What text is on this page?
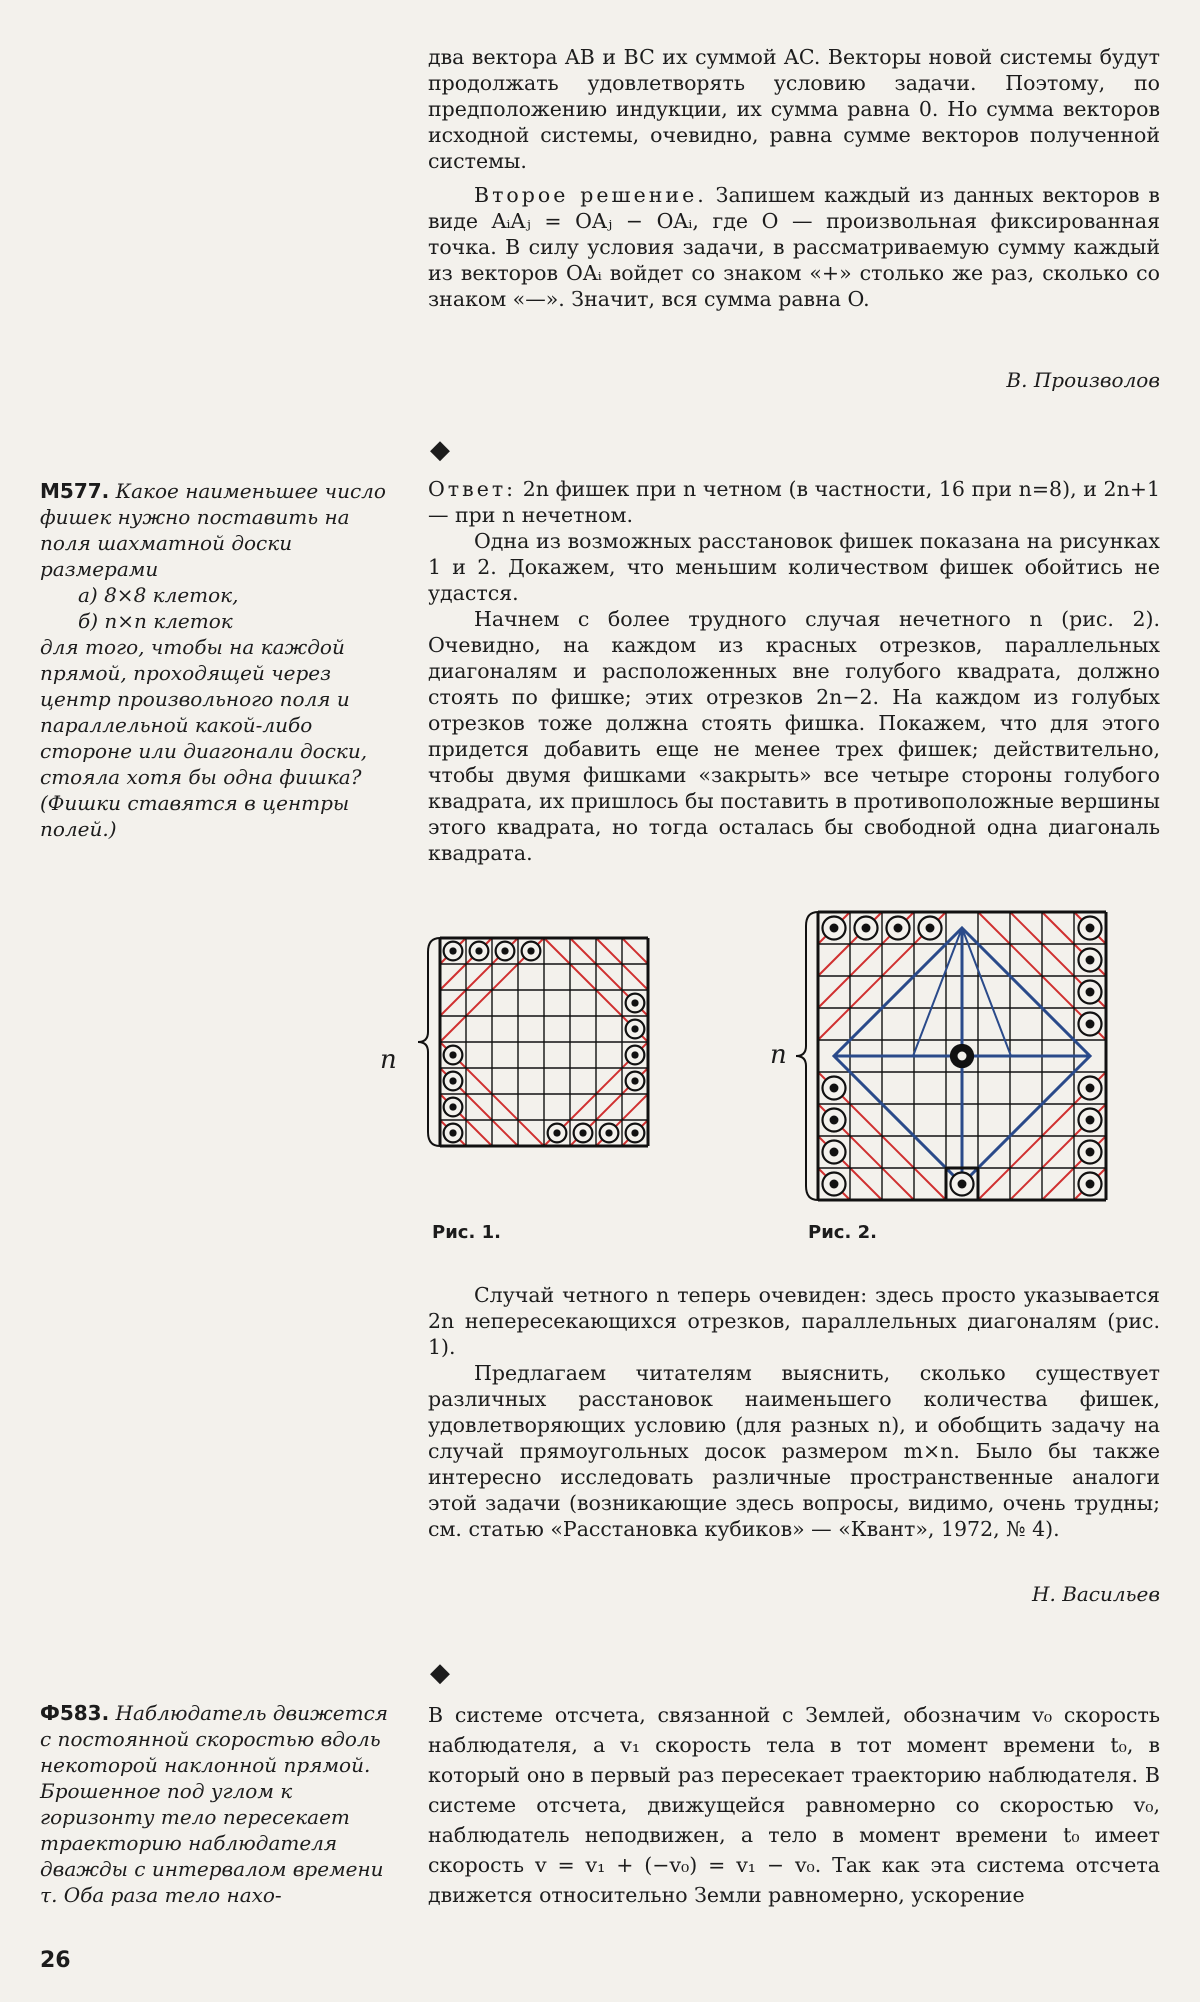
два вектора AB и BC их суммой AC. Векторы новой системы будут продолжать удовлетворять условию задачи. Поэтому, по предположению индукции, их сумма равна 0. Но сумма векторов исходной системы, очевидно, равна сумме векторов полученной системы.

Второе решение. Запишем каждый из данных векторов в виде AᵢAⱼ = OAⱼ − OAᵢ, где O — произвольная фиксированная точка. В силу условия задачи, в рассматриваемую сумму каждый из векторов OAᵢ войдет со знаком «+» столько же раз, сколько со знаком «—». Значит, вся сумма равна O.

В. Произволов
◆

М577. Какое наименьшее число фишек нужно поставить на поля шахматной доски размерами

а) 8×8 клеток,

б) n×n клеток

для того, чтобы на каждой прямой, проходящей через центр произвольного поля и параллельной какой-либо стороне или диагонали доски, стояла хотя бы одна фишка? (Фишки ставятся в центры полей.)

Ответ: 2n фишек при n четном (в частности, 16 при n=8), и 2n+1 — при n нечетном.

Одна из возможных расстановок фишек показана на рисунках 1 и 2. Докажем, что меньшим количеством фишек обойтись не удастся.

Начнем с более трудного случая нечетного n (рис. 2). Очевидно, на каждом из красных отрезков, параллельных диагоналям и расположенных вне голубого квадрата, должно стоять по фишке; этих отрезков 2n−2. На каждом из голубых отрезков тоже должна стоять фишка. Покажем, что для этого придется добавить еще не менее трех фишек; действительно, чтобы двумя фишками «закрыть» все четыре стороны голубого квадрата, их пришлось бы поставить в противоположные вершины этого квадрата, но тогда осталась бы свободной одна диагональ квадрата.

n
Рис. 1.
n
Рис. 2.

Случай четного n теперь очевиден: здесь просто указывается 2n непересекающихся отрезков, параллельных диагоналям (рис. 1).

Предлагаем читателям выяснить, сколько существует различных расстановок наименьшего количества фишек, удовлетворяющих условию (для разных n), и обобщить задачу на случай прямоугольных досок размером m×n. Было бы также интересно исследовать различные пространственные аналоги этой задачи (возникающие здесь вопросы, видимо, очень трудны; см. статью «Расстановка кубиков» — «Квант», 1972, № 4).

Н. Васильев
◆

Ф583. Наблюдатель движется с постоянной скоростью вдоль некоторой наклонной прямой. Брошенное под углом к горизонту тело пересекает траекторию наблюдателя дважды с интервалом времени τ. Оба раза тело нахо-

В системе отсчета, связанной с Землей, обозначим v₀ скорость наблюдателя, а v₁ скорость тела в тот момент времени t₀, в который оно в первый раз пересекает траекторию наблюдателя. В системе отсчета, движущейся равномерно со скоростью v₀, наблюдатель неподвижен, а тело в момент времени t₀ имеет скорость v = v₁ + (−v₀) = v₁ − v₀. Так как эта система отсчета движется относительно Земли равномерно, ускорение

26
